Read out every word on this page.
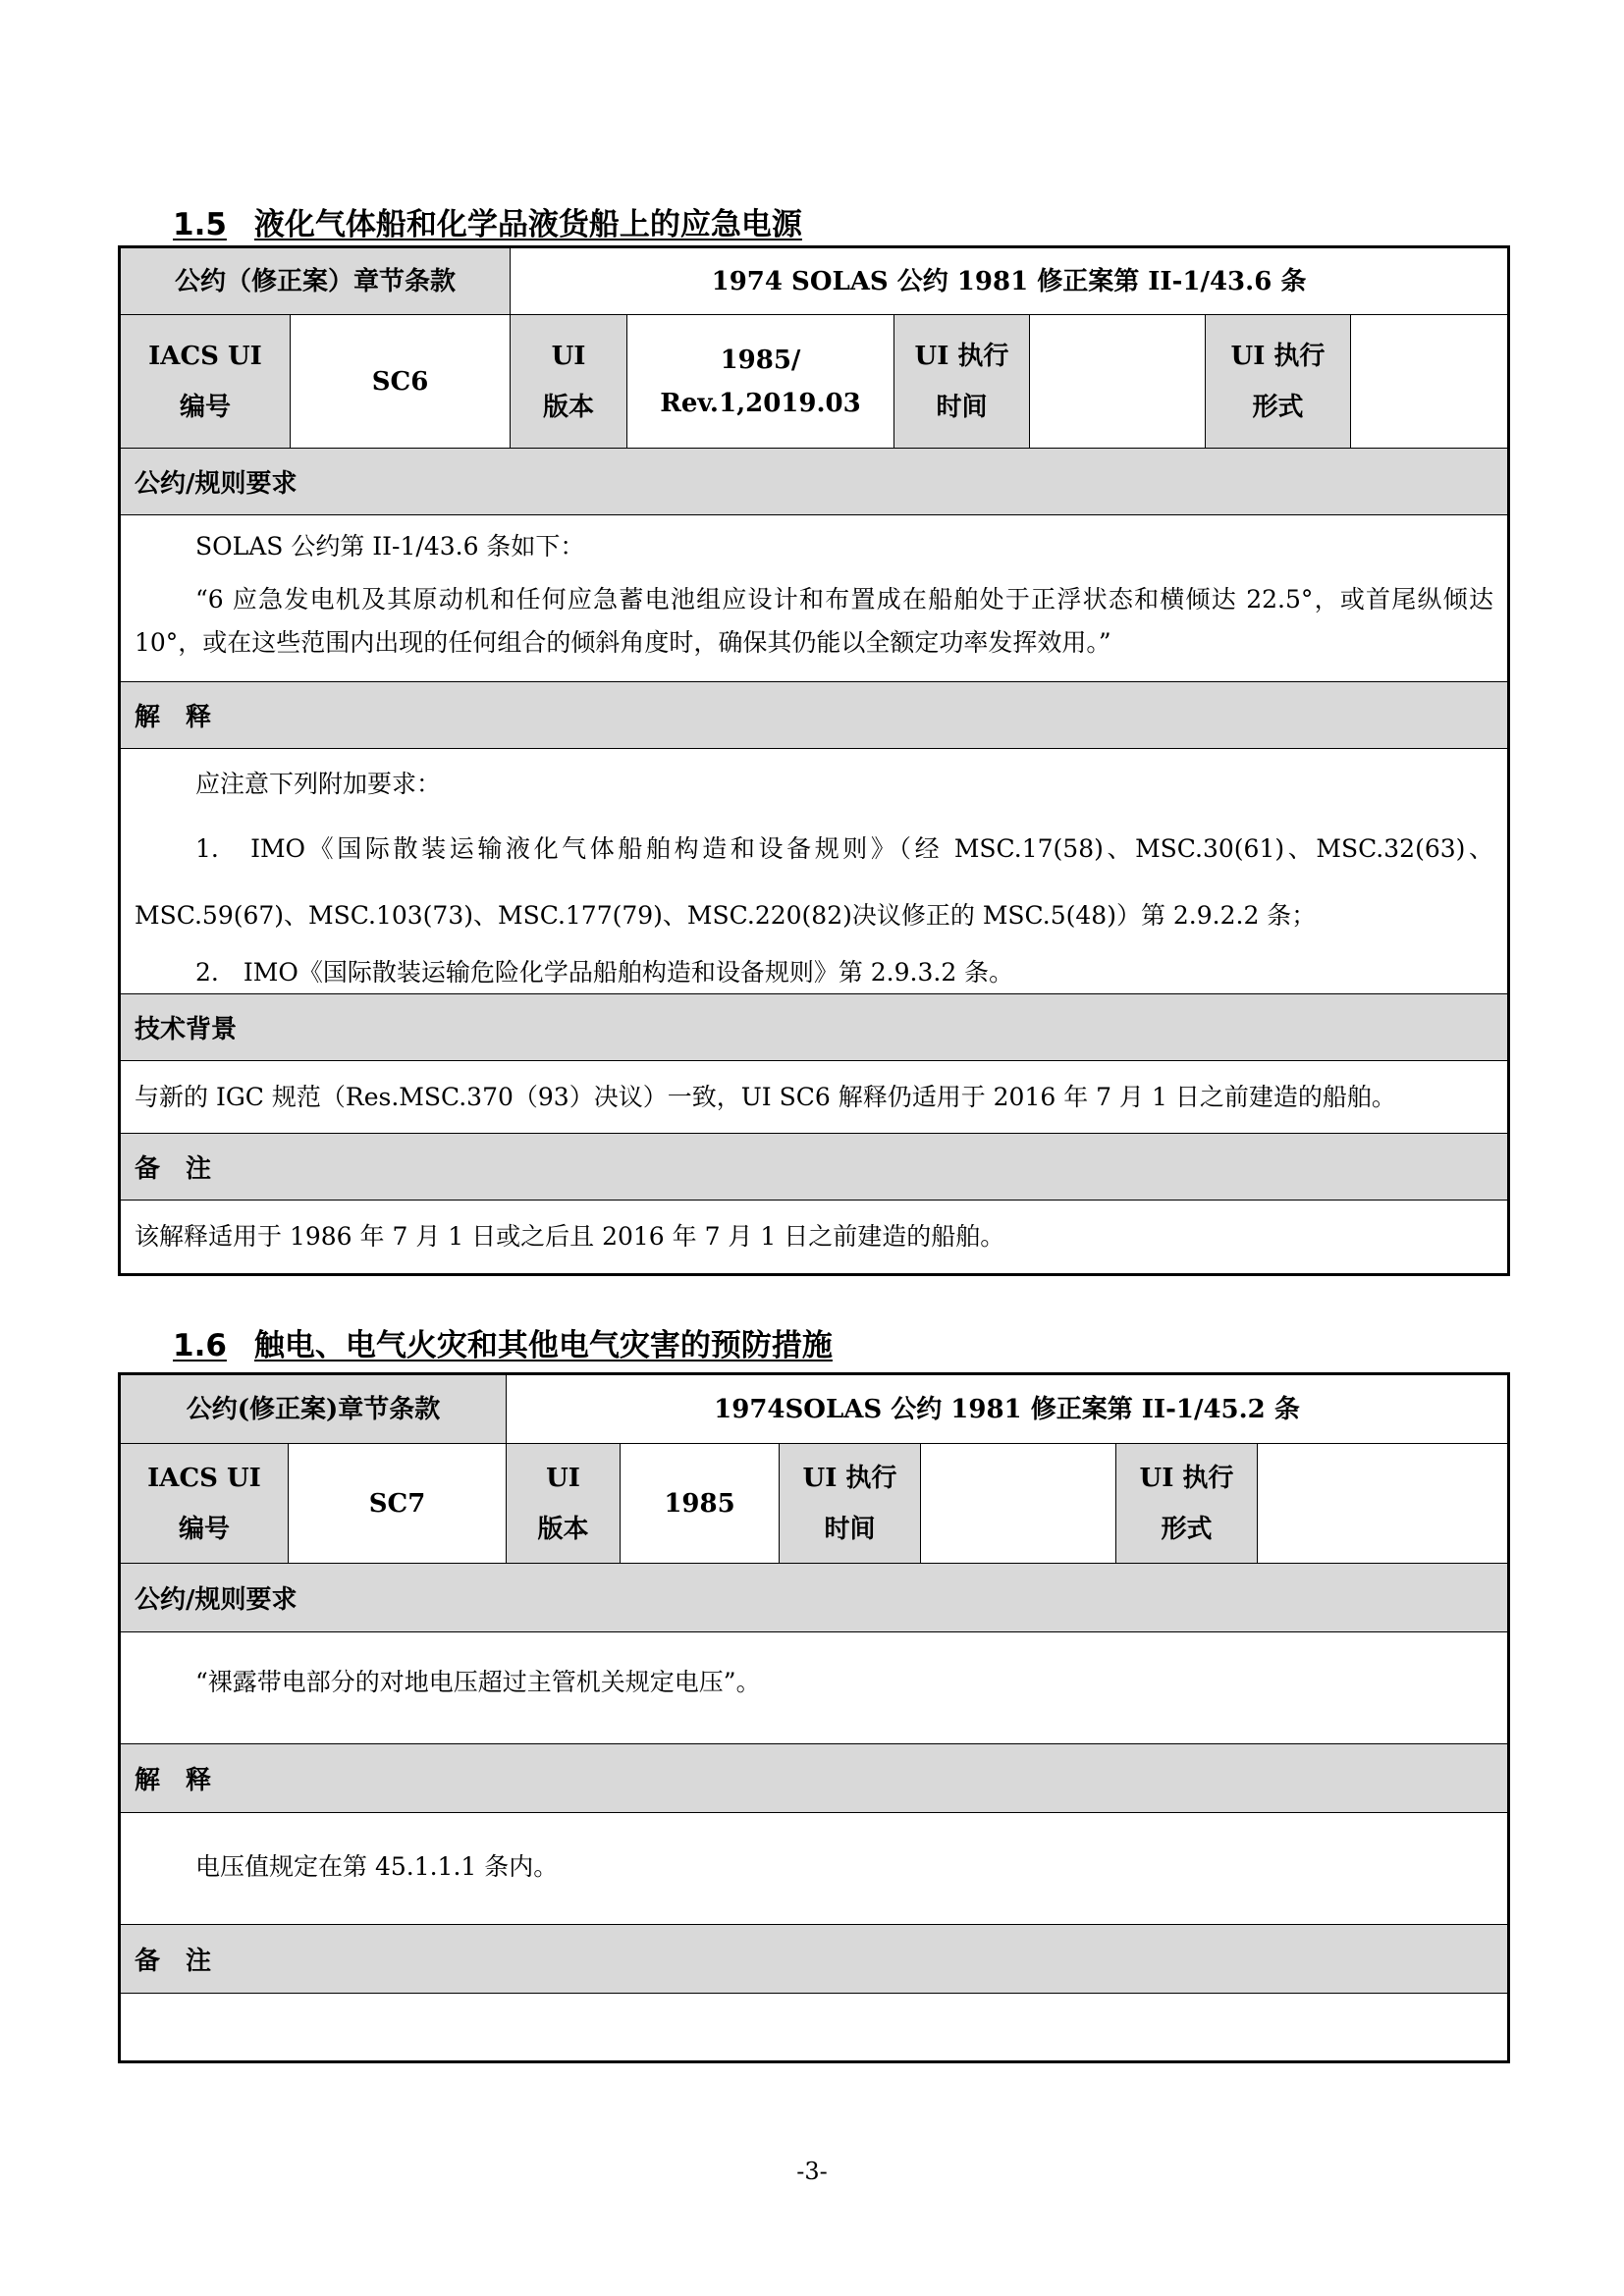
1.5 液化气体船和化学品液货船上的应急电源
公约（修正案）章节条款	1974 SOLAS 公约 1981 修正案第 II-1/43.6 条
IACS UI
编号
SC6
UI
版本
1985/
Rev.1,2019.03
UI 执行
时间
UI 执行
形式
公约/规则要求

SOLAS 公约第 II-1/43.6 条如下：

“6 应急发电机及其原动机和任何应急蓄电池组应设计和布置成在船舶处于正浮状态和横倾达 22.5°，或首尾纵倾达 10°，或在这些范围内出现的任何组合的倾斜角度时，确保其仍能以全额定功率发挥效用。”

解　释

应注意下列附加要求：

1.　IMO《国际散装运输液化气体船舶构造和设备规则》（经 MSC.17(58)、MSC.30(61)、MSC.32(63)、MSC.59(67)、MSC.103(73)、MSC.177(79)、MSC.220(82)决议修正的 MSC.5(48)）第 2.9.2.2 条；

2.　IMO《国际散装运输危险化学品船舶构造和设备规则》第 2.9.3.2 条。

技术背景

与新的 IGC 规范（Res.MSC.370（93）决议）一致，UI SC6 解释仍适用于 2016 年 7 月 1 日之前建造的船舶。

备　注

该解释适用于 1986 年 7 月 1 日或之后且 2016 年 7 月 1 日之前建造的船舶。

1.6 触电、电气火灾和其他电气灾害的预防措施
公约(修正案)章节条款	1974SOLAS 公约 1981 修正案第 II-1/45.2 条
IACS UI
编号
SC7
UI
版本
1985
UI 执行
时间
UI 执行
形式
公约/规则要求

“裸露带电部分的对地电压超过主管机关规定电压”。

解　释

电压值规定在第 45.1.1.1 条内。

备　注

-3-
